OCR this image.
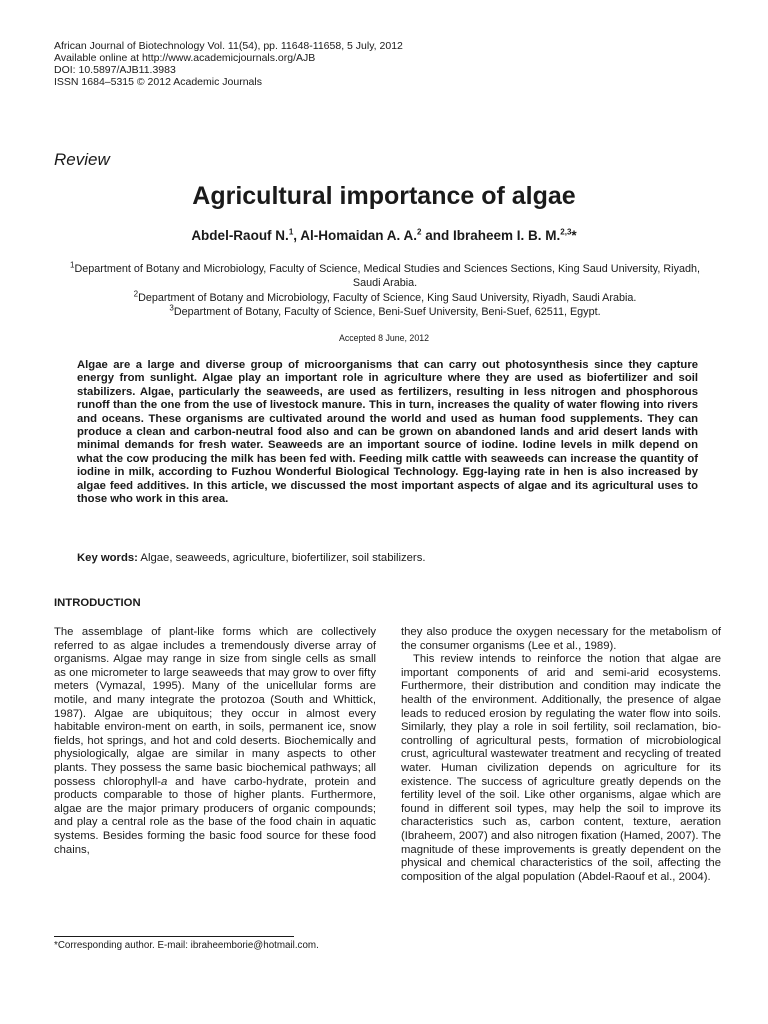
African Journal of Biotechnology Vol. 11(54), pp. 11648-11658, 5 July, 2012
Available online at http://www.academicjournals.org/AJB
DOI: 10.5897/AJB11.3983
ISSN 1684–5315 © 2012 Academic Journals
Review
Agricultural importance of algae
Abdel-Raouf N.$^1$, Al-Homaidan A. A.$^2$ and Ibraheem I. B. M.$^{2,3}$*
$^1$Department of Botany and Microbiology, Faculty of Science, Medical Studies and Sciences Sections, King Saud University, Riyadh, Saudi Arabia.
$^2$Department of Botany and Microbiology, Faculty of Science, King Saud University, Riyadh, Saudi Arabia.
$^3$Department of Botany, Faculty of Science, Beni-Suef University, Beni-Suef, 62511, Egypt.
Accepted 8 June, 2012
Algae are a large and diverse group of microorganisms that can carry out photosynthesis since they capture energy from sunlight. Algae play an important role in agriculture where they are used as biofertilizer and soil stabilizers. Algae, particularly the seaweeds, are used as fertilizers, resulting in less nitrogen and phosphorous runoff than the one from the use of livestock manure. This in turn, increases the quality of water flowing into rivers and oceans. These organisms are cultivated around the world and used as human food supplements. They can produce a clean and carbon-neutral food also and can be grown on abandoned lands and arid desert lands with minimal demands for fresh water. Seaweeds are an important source of iodine. Iodine levels in milk depend on what the cow producing the milk has been fed with. Feeding milk cattle with seaweeds can increase the quantity of iodine in milk, according to Fuzhou Wonderful Biological Technology. Egg-laying rate in hen is also increased by algae feed additives. In this article, we discussed the most important aspects of algae and its agricultural uses to those who work in this area.
Key words: Algae, seaweeds, agriculture, biofertilizer, soil stabilizers.
INTRODUCTION

The assemblage of plant-like forms which are collectively referred to as algae includes a tremendously diverse array of organisms. Algae may range in size from single cells as small as one micrometer to large seaweeds that may grow to over fifty meters (Vymazal, 1995). Many of the unicellular forms are motile, and many integrate the protozoa (South and Whittick, 1987). Algae are ubiquitous; they occur in almost every habitable environ-ment on earth, in soils, permanent ice, snow fields, hot springs, and hot and cold deserts. Biochemically and physiologically, algae are similar in many aspects to other plants. They possess the same basic biochemical pathways; all possess chlorophyll-a and have carbo-hydrate, protein and products comparable to those of higher plants. Furthermore, algae are the major primary producers of organic compounds; and play a central role as the base of the food chain in aquatic systems. Besides forming the basic food source for these food chains,

they also produce the oxygen necessary for the metabolism of the consumer organisms (Lee et al., 1989).

This review intends to reinforce the notion that algae are important components of arid and semi-arid ecosystems. Furthermore, their distribution and condition may indicate the health of the environment. Additionally, the presence of algae leads to reduced erosion by regulating the water flow into soils. Similarly, they play a role in soil fertility, soil reclamation, bio-controlling of agricultural pests, formation of microbiological crust, agricultural wastewater treatment and recycling of treated water. Human civilization depends on agriculture for its existence. The success of agriculture greatly depends on the fertility level of the soil. Like other organisms, algae which are found in different soil types, may help the soil to improve its characteristics such as, carbon content, texture, aeration (Ibraheem, 2007) and also nitrogen fixation (Hamed, 2007). The magnitude of these improvements is greatly dependent on the physical and chemical characteristics of the soil, affecting the composition of the algal population (Abdel-Raouf et al., 2004).

*Corresponding author. E-mail: ibraheemborie@hotmail.com.
